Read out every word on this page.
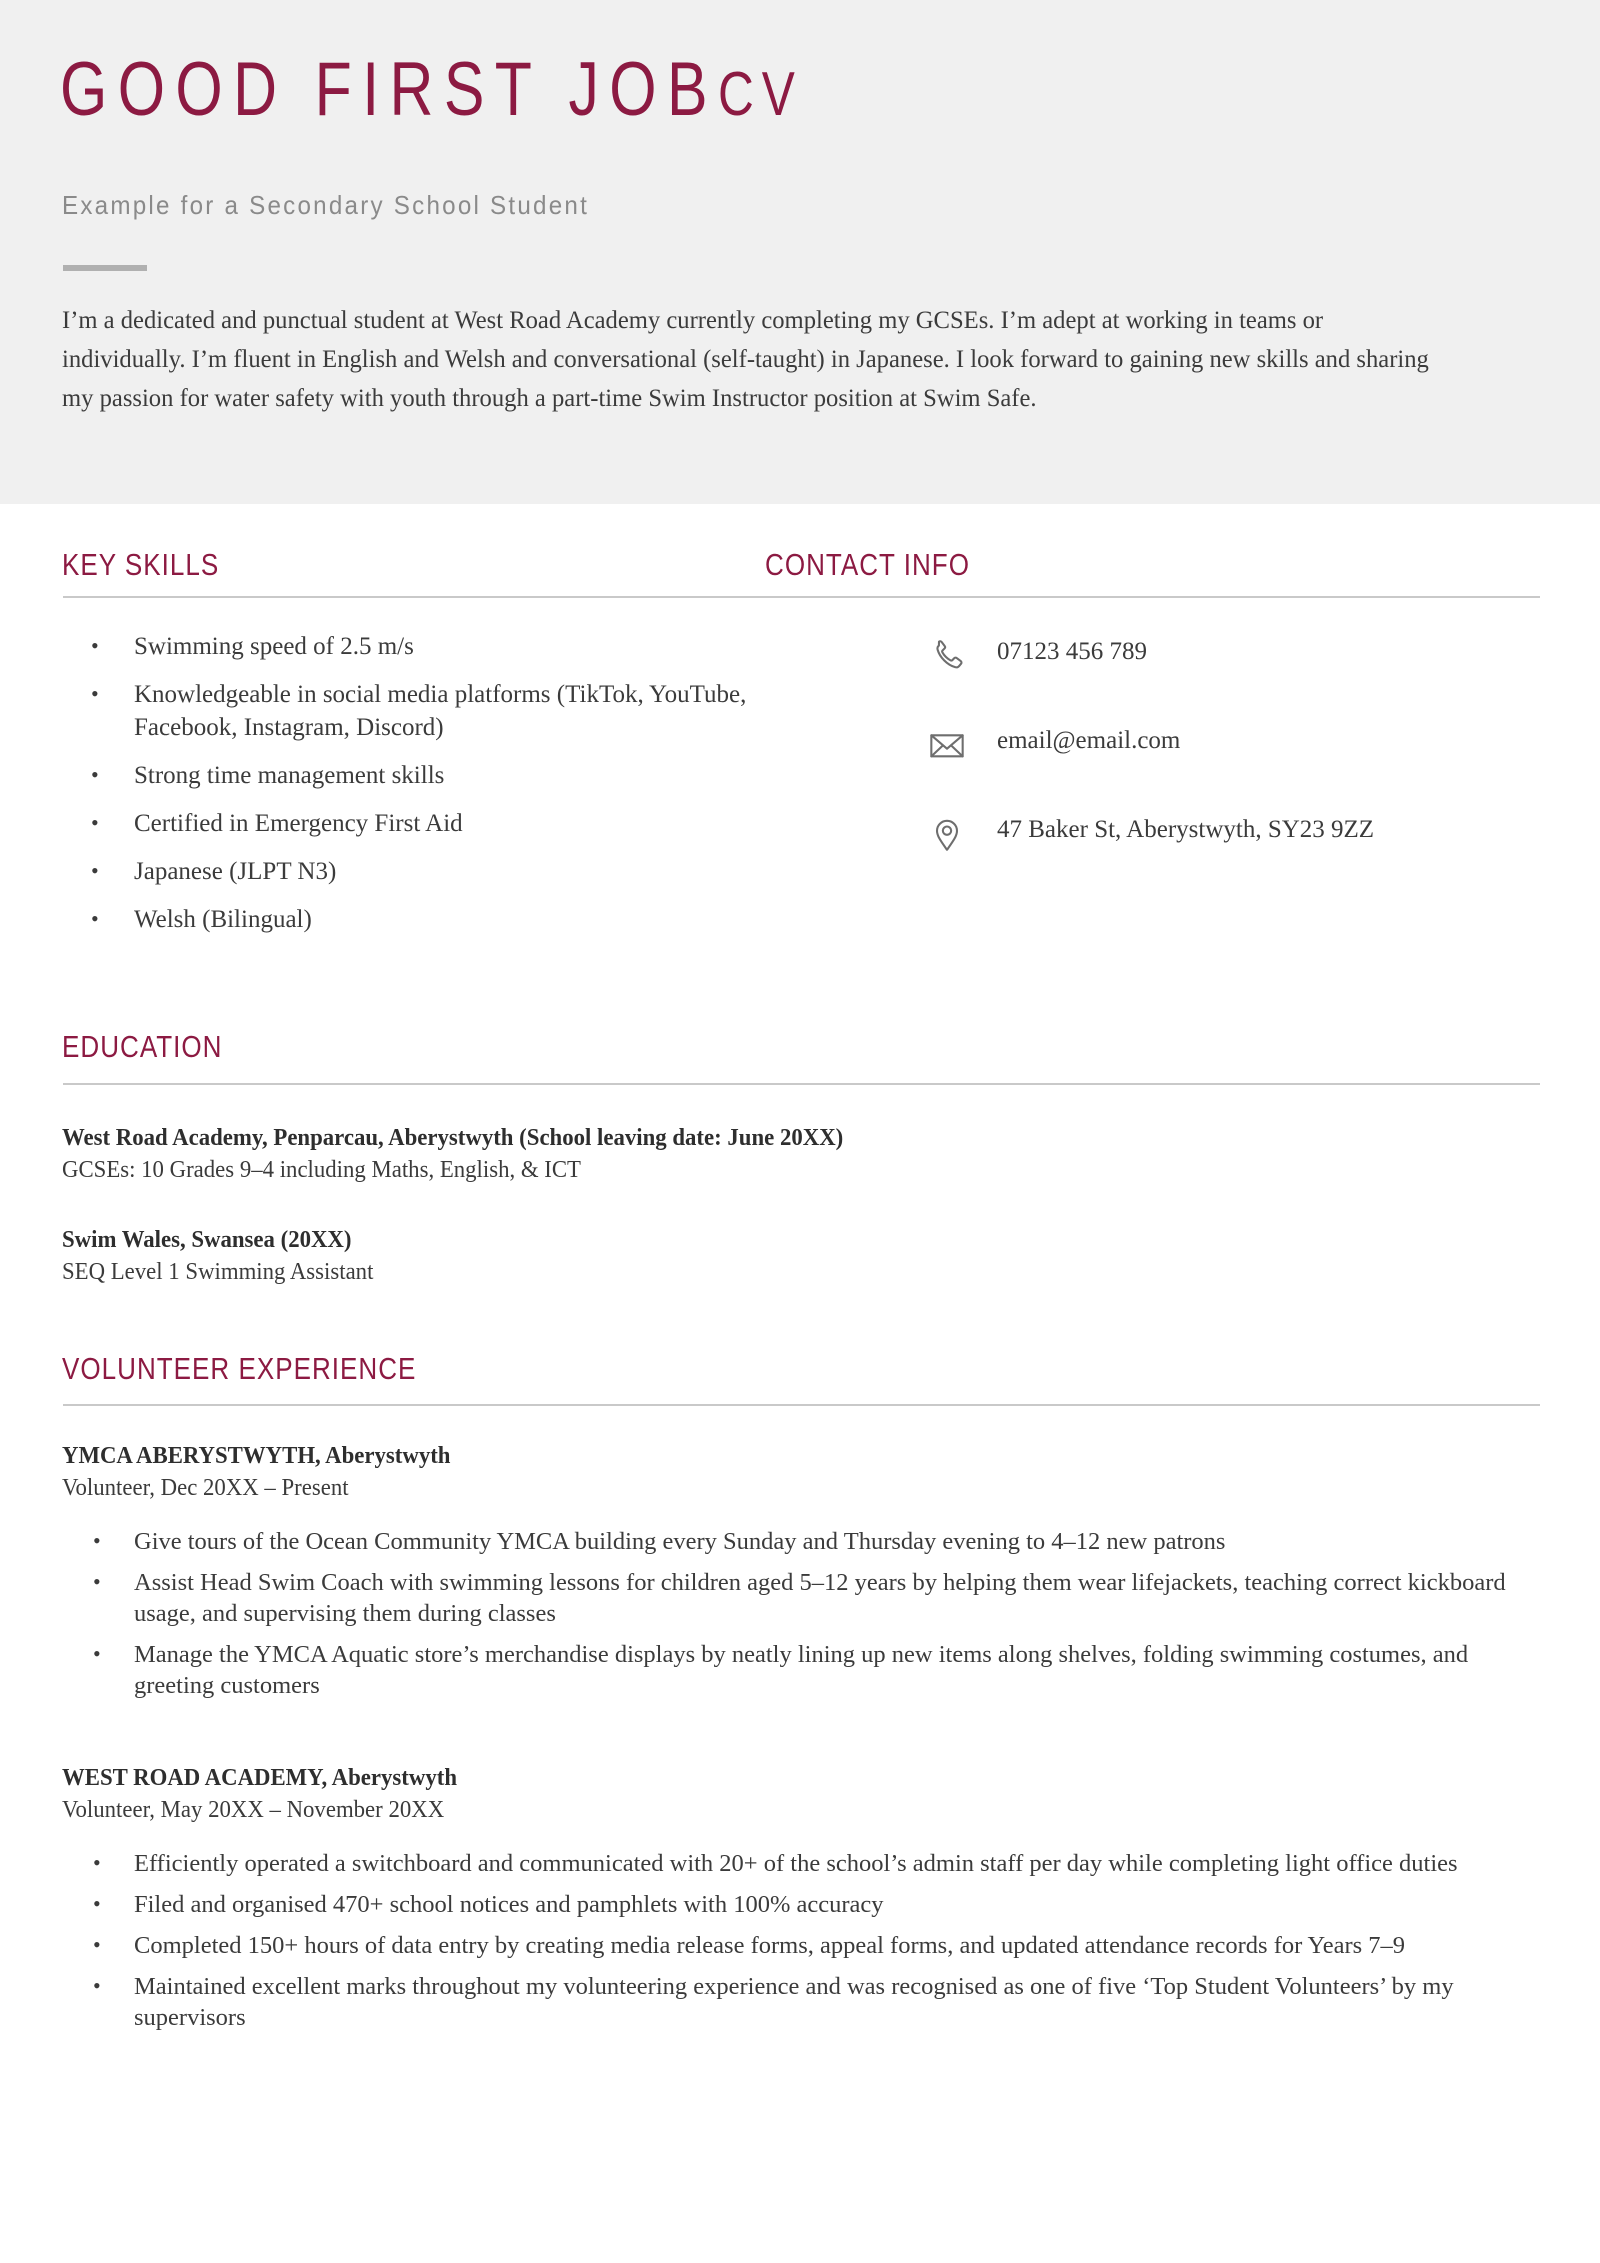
GOOD FIRST JOBCV
Example for a Secondary School Student
I’m a dedicated and punctual student at West Road Academy currently completing my GCSEs. I’m adept at working in teams or individually. I’m fluent in English and Welsh and conversational (self-taught) in Japanese. I look forward to gaining new skills and sharing my passion for water safety with youth through a part-time Swim Instructor position at Swim Safe.
KEY SKILLS
• Swimming speed of 2.5 m/s
• Knowledgeable in social media platforms (TikTok, YouTube, Facebook, Instagram, Discord)
• Strong time management skills
• Certified in Emergency First Aid
• Japanese (JLPT N3)
• Welsh (Bilingual)
CONTACT INFO
07123 456 789
email@email.com
47 Baker St, Aberystwyth, SY23 9ZZ
EDUCATION
West Road Academy, Penparcau, Aberystwyth (School leaving date: June 20XX)
GCSEs: 10 Grades 9–4 including Maths, English, & ICT
Swim Wales, Swansea (20XX)
SEQ Level 1 Swimming Assistant
VOLUNTEER EXPERIENCE
YMCA ABERYSTWYTH, Aberystwyth
Volunteer, Dec 20XX – Present
• Give tours of the Ocean Community YMCA building every Sunday and Thursday evening to 4–12 new patrons
• Assist Head Swim Coach with swimming lessons for children aged 5–12 years by helping them wear lifejackets, teaching correct kickboard usage, and supervising them during classes
• Manage the YMCA Aquatic store’s merchandise displays by neatly lining up new items along shelves, folding swimming costumes, and greeting customers
WEST ROAD ACADEMY, Aberystwyth
Volunteer, May 20XX – November 20XX
• Efficiently operated a switchboard and communicated with 20+ of the school’s admin staff per day while completing light office duties
• Filed and organised 470+ school notices and pamphlets with 100% accuracy
• Completed 150+ hours of data entry by creating media release forms, appeal forms, and updated attendance records for Years 7–9
• Maintained excellent marks throughout my volunteering experience and was recognised as one of five ‘Top Student Volunteers’ by my supervisors
